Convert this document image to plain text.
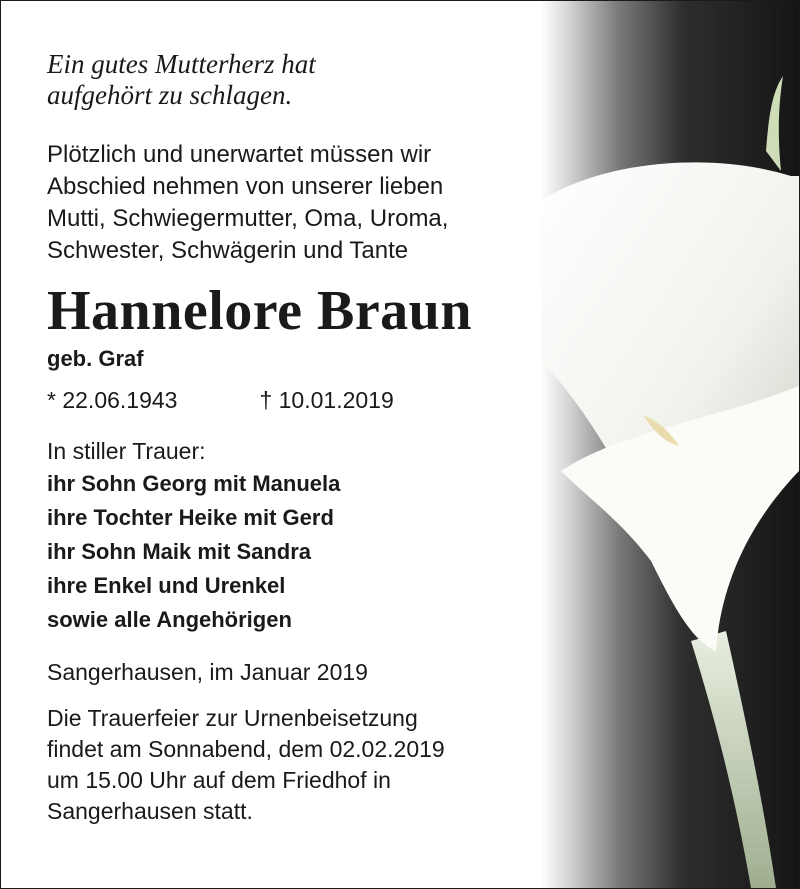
Ein gutes Mutterherz hat
aufgehört zu schlagen.

Plötzlich und unerwartet müssen wir
Abschied nehmen von unserer lieben
Mutti, Schwiegermutter, Oma, Uroma,
Schwester, Schwägerin und Tante

Hannelore Braun

geb. Graf

* 22.06.1943	† 10.01.2019

In stiller Trauer:

ihr Sohn Georg mit Manuela
ihre Tochter Heike mit Gerd
ihr Sohn Maik mit Sandra
ihre Enkel und Urenkel
sowie alle Angehörigen

Sangerhausen, im Januar 2019

Die Trauerfeier zur Urnenbeisetzung
findet am Sonnabend, dem 02.02.2019
um 15.00 Uhr auf dem Friedhof in
Sangerhausen statt.
